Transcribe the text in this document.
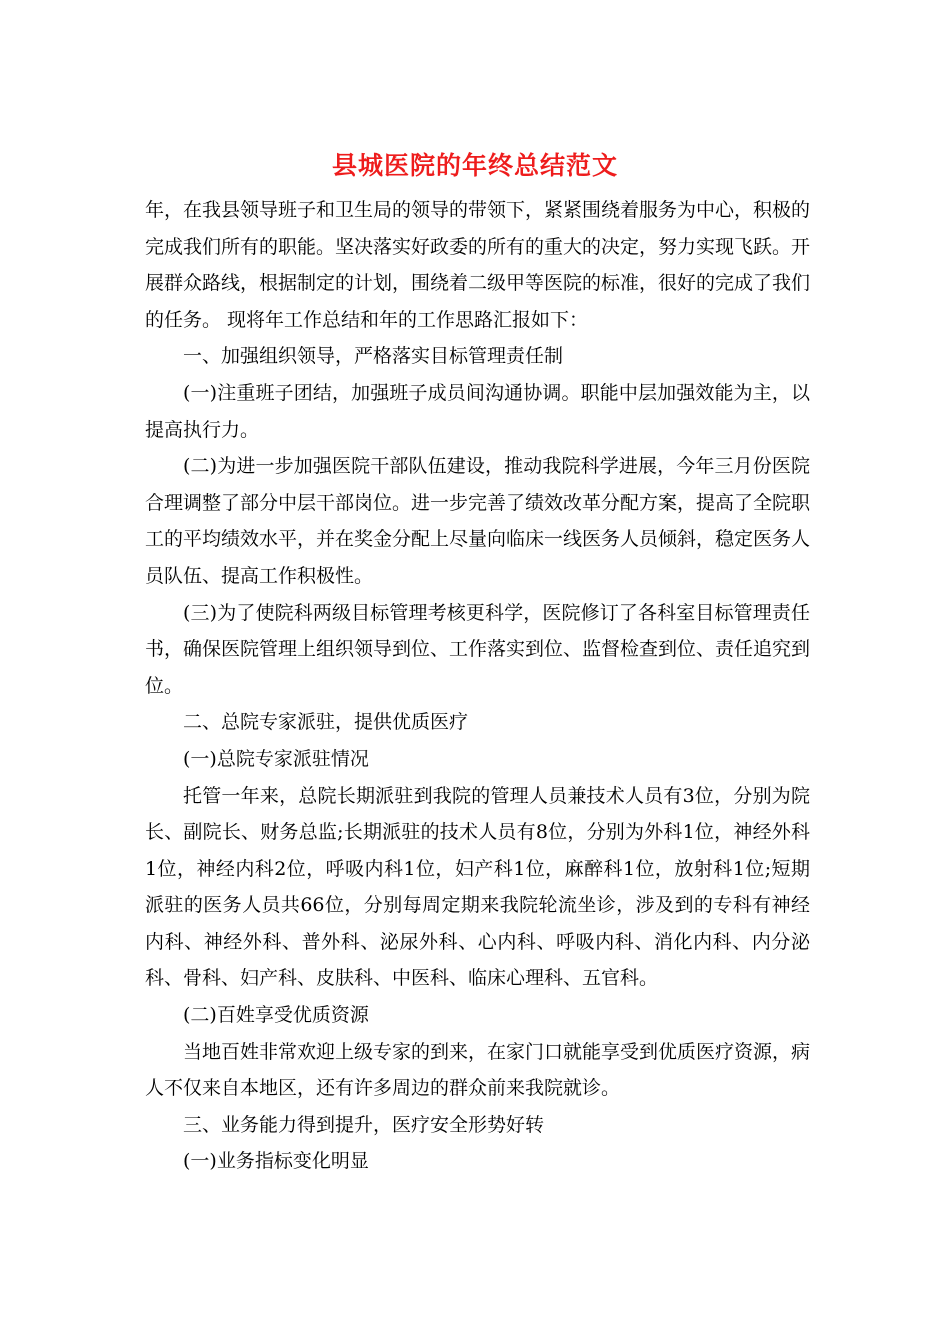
县城医院的年终总结范文

年，在我县领导班子和卫生局的领导的带领下，紧紧围绕着服务为中心，积极的完成我们所有的职能。坚决落实好政委的所有的重大的决定，努力实现飞跃。开展群众路线，根据制定的计划，围绕着二级甲等医院的标准，很好的完成了我们的任务。 现将年工作总结和年的工作思路汇报如下：

一、加强组织领导，严格落实目标管理责任制

(一)注重班子团结，加强班子成员间沟通协调。职能中层加强效能为主，以提高执行力。

(二)为进一步加强医院干部队伍建设，推动我院科学进展，今年三月份医院合理调整了部分中层干部岗位。进一步完善了绩效改革分配方案，提高了全院职工的平均绩效水平，并在奖金分配上尽量向临床一线医务人员倾斜，稳定医务人员队伍、提高工作积极性。

(三)为了使院科两级目标管理考核更科学，医院修订了各科室目标管理责任书，确保医院管理上组织领导到位、工作落实到位、监督检查到位、责任追究到位。

二、总院专家派驻，提供优质医疗

(一)总院专家派驻情况

托管一年来，总院长期派驻到我院的管理人员兼技术人员有3位，分别为院长、副院长、财务总监;长期派驻的技术人员有8位，分别为外科1位，神经外科1位，神经内科2位，呼吸内科1位，妇产科1位，麻醉科1位，放射科1位;短期派驻的医务人员共66位，分别每周定期来我院轮流坐诊，涉及到的专科有神经内科、神经外科、普外科、泌尿外科、心内科、呼吸内科、消化内科、内分泌科、骨科、妇产科、皮肤科、中医科、临床心理科、五官科。

(二)百姓享受优质资源

当地百姓非常欢迎上级专家的到来，在家门口就能享受到优质医疗资源，病人不仅来自本地区，还有许多周边的群众前来我院就诊。

三、业务能力得到提升，医疗安全形势好转

(一)业务指标变化明显
